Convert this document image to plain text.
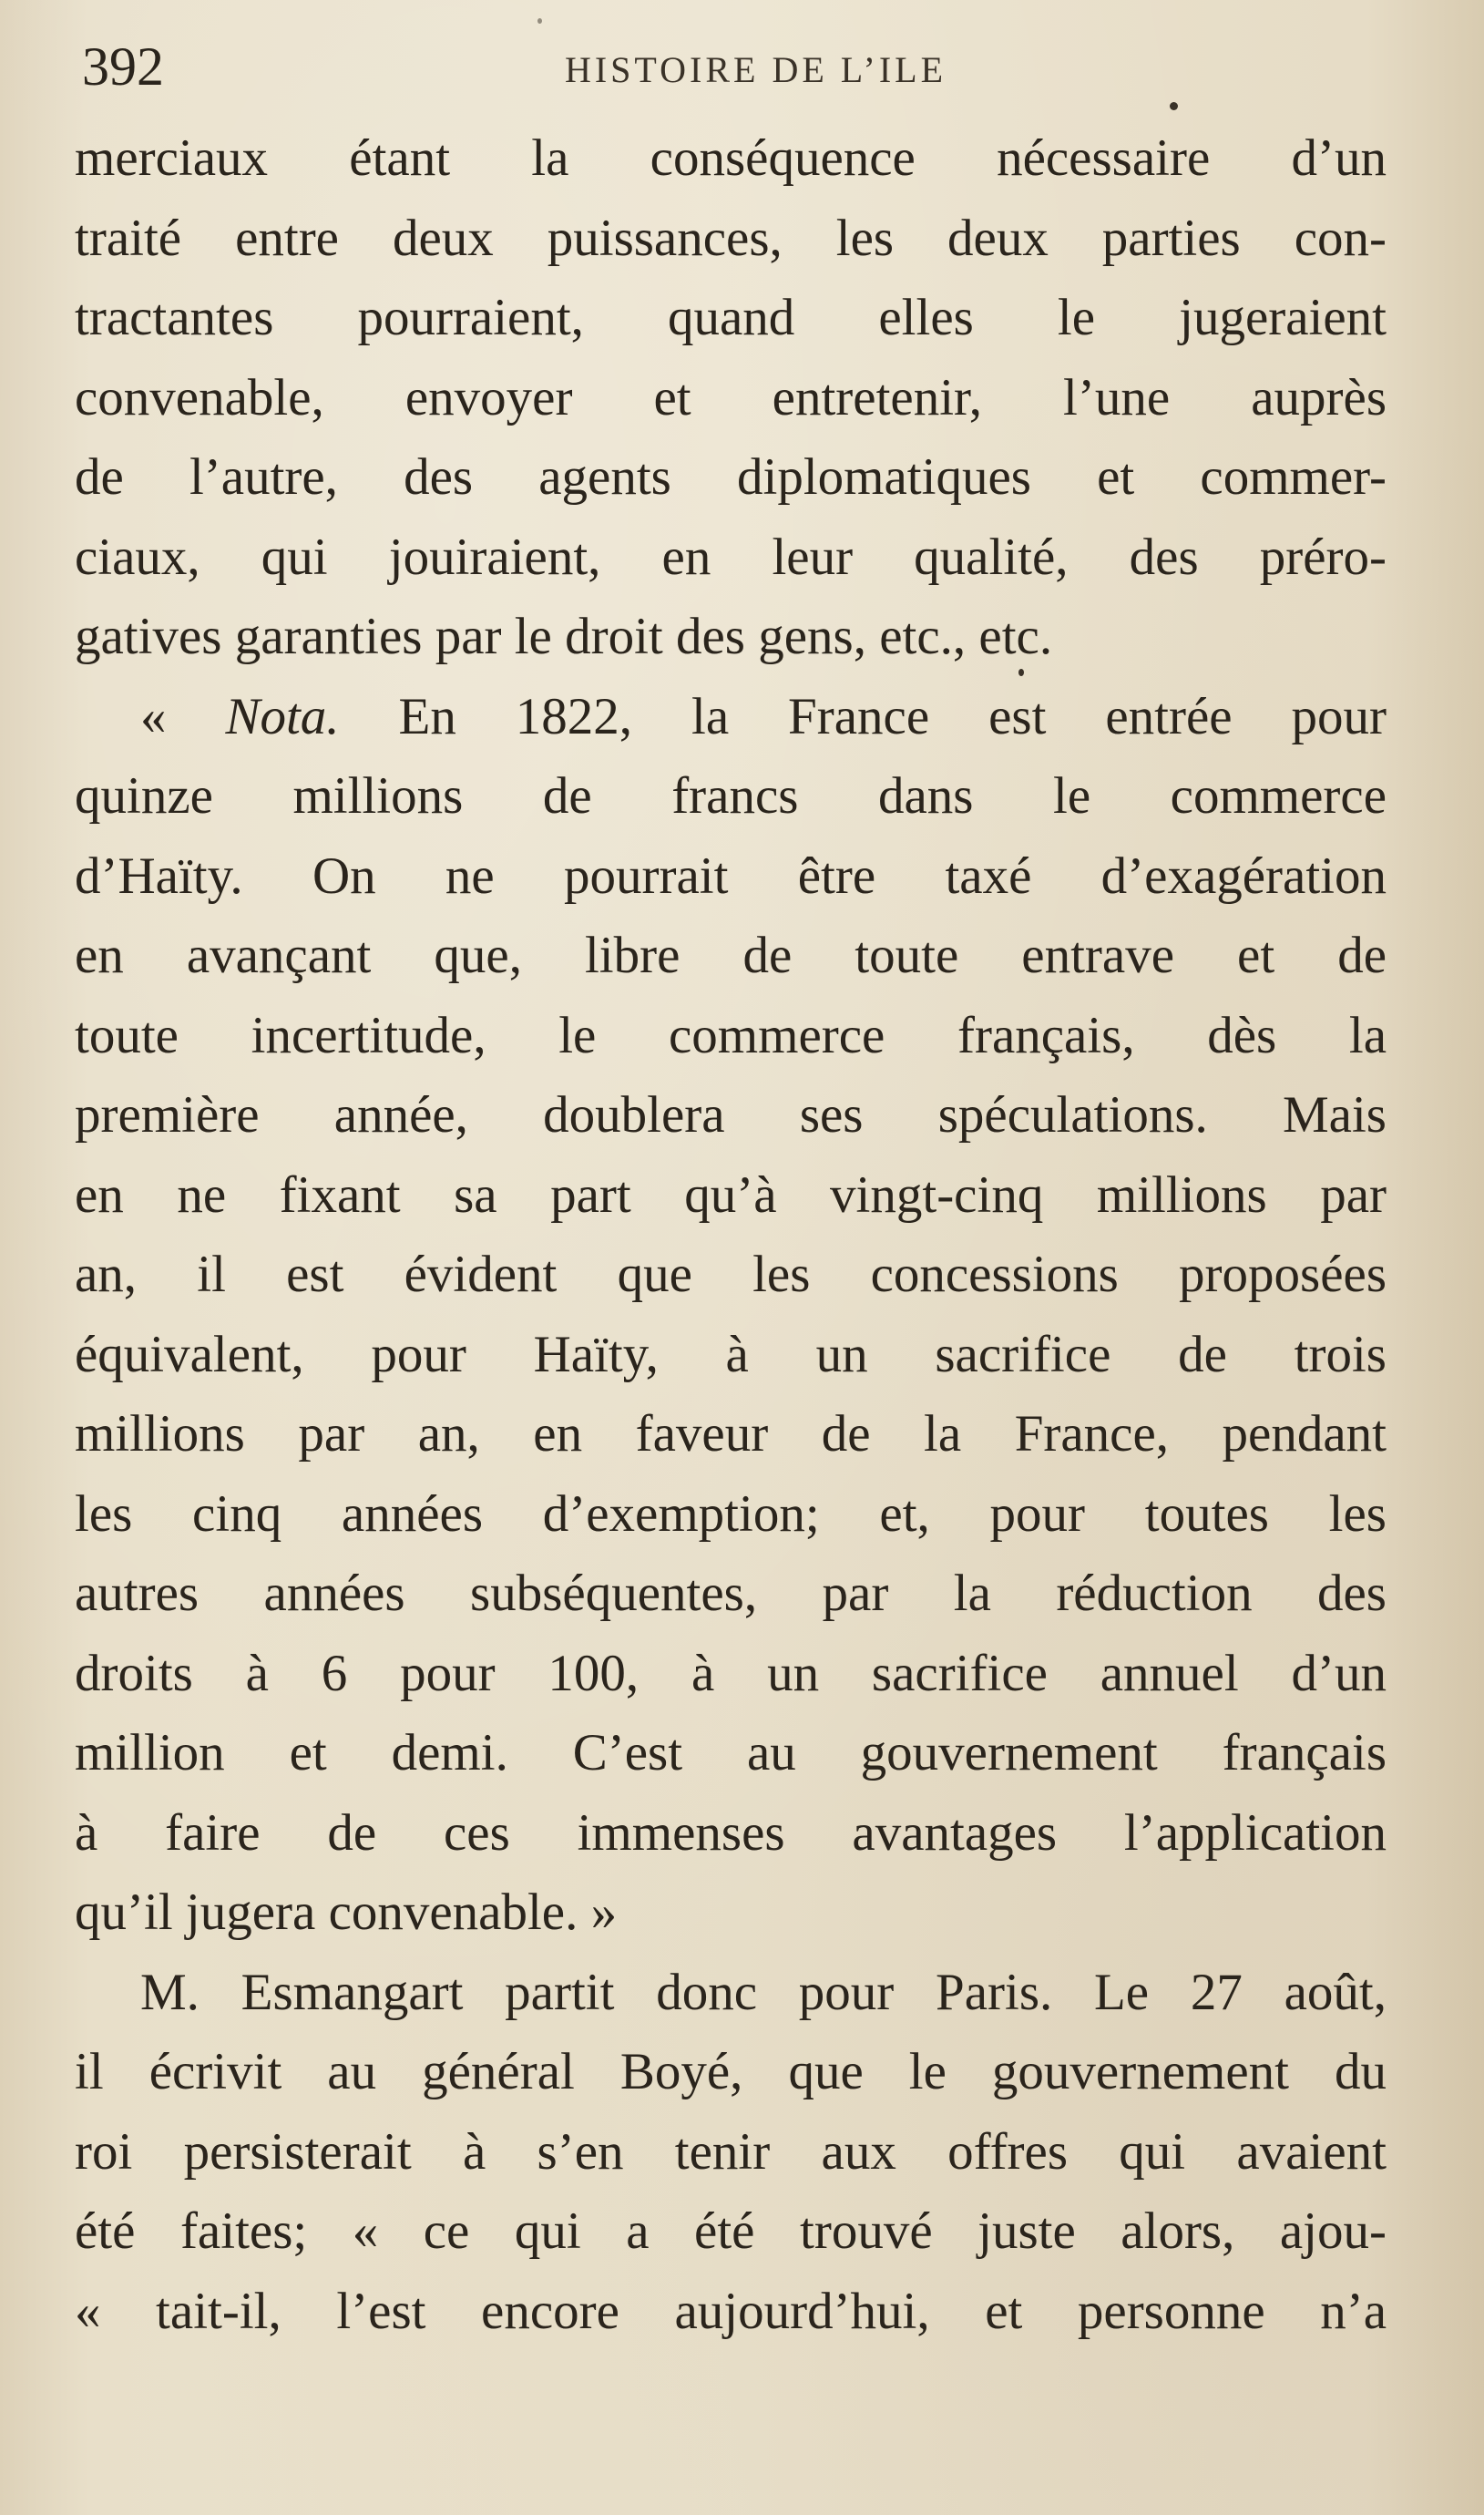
392	HISTOIRE DE L’ILE
merciaux étant la conséquence nécessaire d’un
traité entre deux puissances, les deux parties con-
tractantes pourraient, quand elles le jugeraient
convenable, envoyer et entretenir, l’une auprès
de l’autre, des agents diplomatiques et commer-
ciaux, qui jouiraient, en leur qualité, des préro-
gatives garanties par le droit des gens, etc., etc.
« Nota. En 1822, la France est entrée pour
quinze millions de francs dans le commerce
d’Haïty. On ne pourrait être taxé d’exagération
en avançant que, libre de toute entrave et de
toute incertitude, le commerce français, dès la
première année, doublera ses spéculations. Mais
en ne fixant sa part qu’à vingt-cinq millions par
an, il est évident que les concessions proposées
équivalent, pour Haïty, à un sacrifice de trois
millions par an, en faveur de la France, pendant
les cinq années d’exemption; et, pour toutes les
autres années subséquentes, par la réduction des
droits à 6 pour 100, à un sacrifice annuel d’un
million et demi. C’est au gouvernement français
à faire de ces immenses avantages l’application
qu’il jugera convenable. »
M. Esmangart partit donc pour Paris. Le 27 août,
il écrivit au général Boyé, que le gouvernement du
roi persisterait à s’en tenir aux offres qui avaient
été faites; « ce qui a été trouvé juste alors, ajou-
« tait-il, l’est encore aujourd’hui, et personne n’a
